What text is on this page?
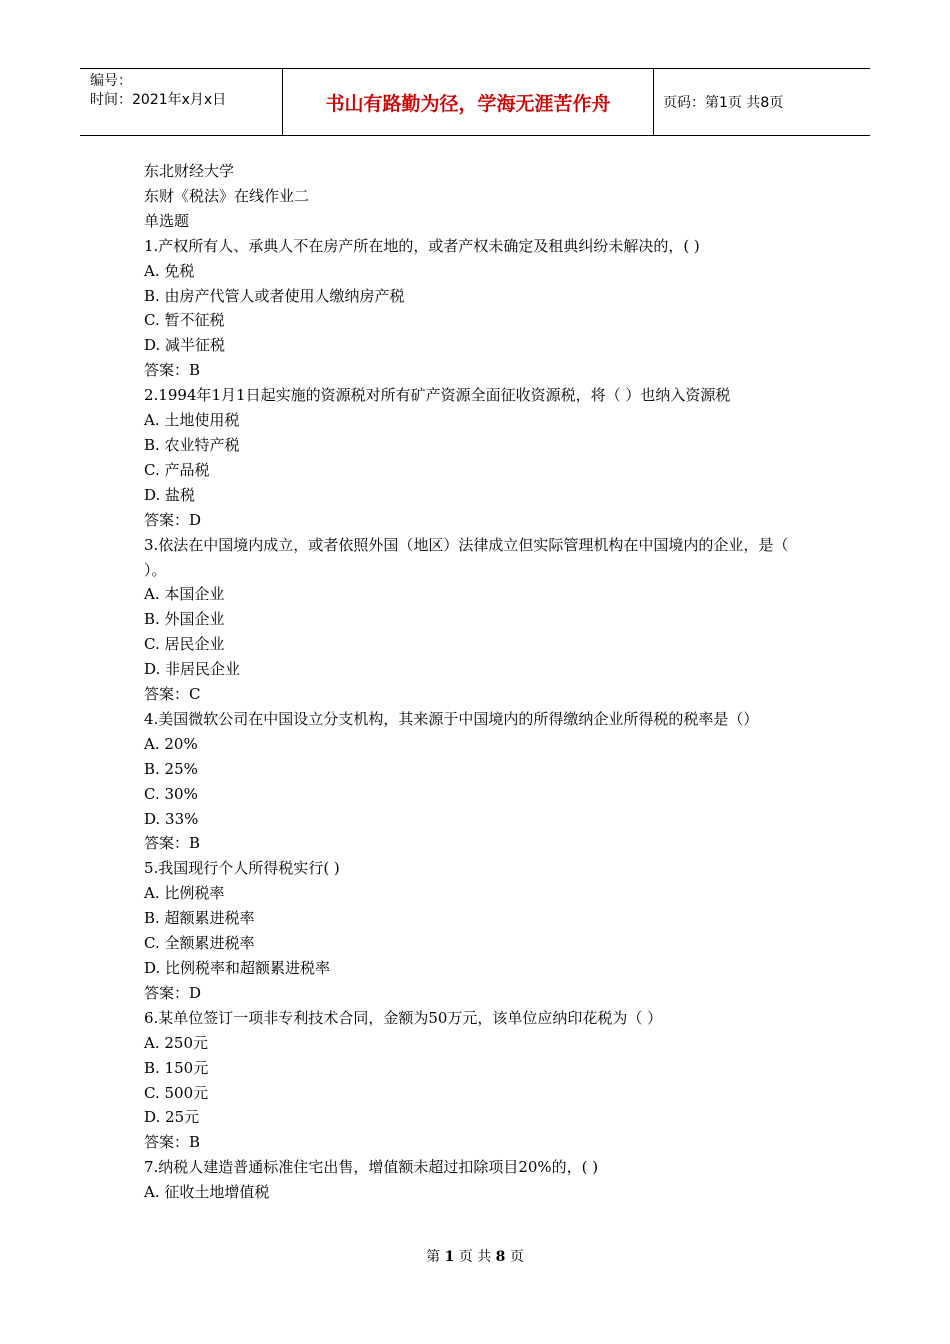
编号：
时间：2021年x月x日	书山有路勤为径，学海无涯苦作舟	页码：第1页 共8页
东北财经大学
东财《税法》在线作业二
单选题
1.产权所有人、承典人不在房产所在地的，或者产权未确定及租典纠纷未解决的，( )
A. 免税
B. 由房产代管人或者使用人缴纳房产税
C. 暂不征税
D. 减半征税
答案：B
2.1994年1月1日起实施的资源税对所有矿产资源全面征收资源税，将（ ）也纳入资源税
A. 土地使用税
B. 农业特产税
C. 产品税
D. 盐税
答案：D
3.依法在中国境内成立，或者依照外国（地区）法律成立但实际管理机构在中国境内的企业，是（ ）。
A. 本国企业
B. 外国企业
C. 居民企业
D. 非居民企业
答案：C
4.美国微软公司在中国设立分支机构，其来源于中国境内的所得缴纳企业所得税的税率是（）
A. 20%
B. 25%
C. 30%
D. 33%
答案：B
5.我国现行个人所得税实行( )
A. 比例税率
B. 超额累进税率
C. 全额累进税率
D. 比例税率和超额累进税率
答案：D
6.某单位签订一项非专利技术合同，金额为50万元，该单位应纳印花税为（ ）
A. 250元
B. 150元
C. 500元
D. 25元
答案：B
7.纳税人建造普通标准住宅出售，增值额未超过扣除项目20%的，( )
A. 征收土地增值税
第 1 页 共 8 页
